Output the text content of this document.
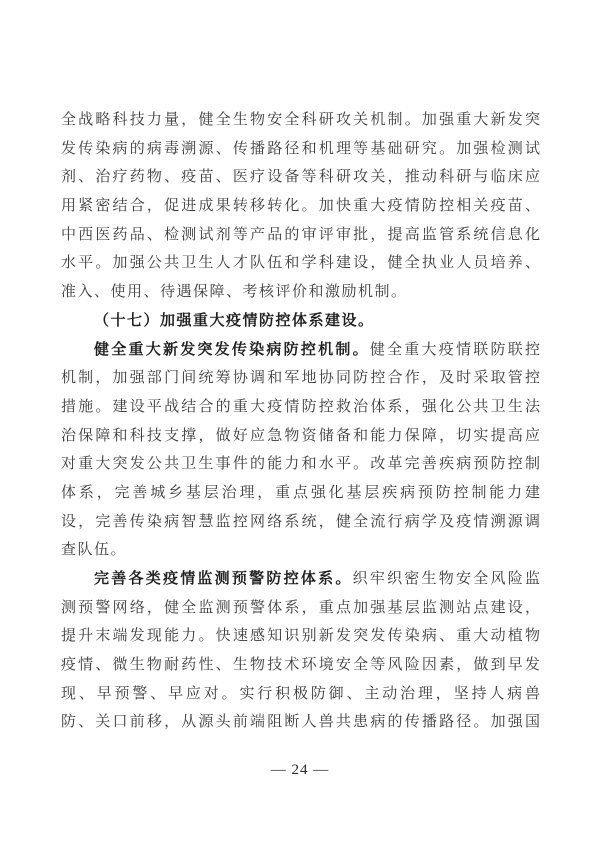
全战略科技力量，健全生物安全科研攻关机制。加强重大新发突
发传染病的病毒溯源、传播路径和机理等基础研究。加强检测试
剂、治疗药物、疫苗、医疗设备等科研攻关，推动科研与临床应
用紧密结合，促进成果转移转化。加快重大疫情防控相关疫苗、
中西医药品、检测试剂等产品的审评审批，提高监管系统信息化
水平。加强公共卫生人才队伍和学科建设，健全执业人员培养、
准入、使用、待遇保障、考核评价和激励机制。
（十七）加强重大疫情防控体系建设。
健全重大新发突发传染病防控机制。健全重大疫情联防联控
机制，加强部门间统筹协调和军地协同防控合作，及时采取管控
措施。建设平战结合的重大疫情防控救治体系，强化公共卫生法
治保障和科技支撑，做好应急物资储备和能力保障，切实提高应
对重大突发公共卫生事件的能力和水平。改革完善疾病预防控制
体系，完善城乡基层治理，重点强化基层疾病预防控制能力建
设，完善传染病智慧监控网络系统，健全流行病学及疫情溯源调
查队伍。
完善各类疫情监测预警防控体系。织牢织密生物安全风险监
测预警网络，健全监测预警体系，重点加强基层监测站点建设，
提升末端发现能力。快速感知识别新发突发传染病、重大动植物
疫情、微生物耐药性、生物技术环境安全等风险因素，做到早发
现、早预警、早应对。实行积极防御、主动治理，坚持人病兽
防、关口前移，从源头前端阻断人兽共患病的传播路径。加强国
— 24 —
